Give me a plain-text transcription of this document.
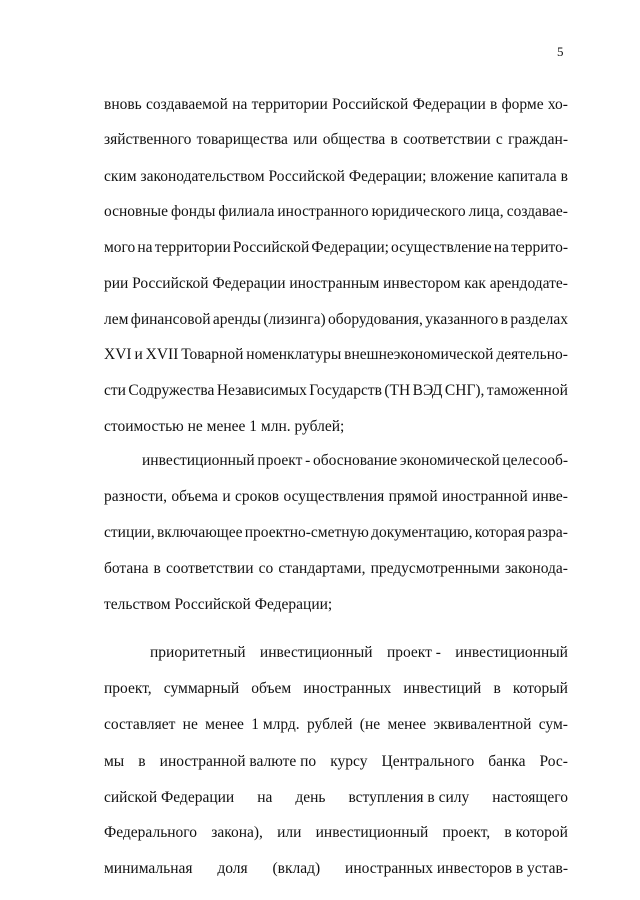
5
вновь создаваемой на территории Российской Федерации в форме хо-
зяйственного товарищества или общества в соответствии с граждан-
ским законодательством Российской Федерации; вложение капитала в
основные фонды филиала иностранного юридического лица, создавае-
мого на территории Российской Федерации; осуществление на террито-
рии Российской Федерации иностранным инвестором как арендодате-
лем финансовой аренды (лизинга) оборудования, указанного в разделах
XVI и XVII Товарной номенклатуры внешнеэкономической деятельно-
сти Содружества Независимых Государств (ТН ВЭД СНГ), таможенной
стоимостью не менее 1 млн. рублей;
инвестиционный проект - обоснование экономической целесооб-
разности, объема и сроков осуществления прямой иностранной инве-
стиции, включающее проектно-сметную документацию, которая разра-
ботана в соответствии со стандартами, предусмотренными законода-
тельством Российской Федерации;
приоритетный инвестиционный проект - инвестиционный
проект, суммарный объем иностранных инвестиций в который
составляет не менее 1 млрд. рублей (не менее эквивалентной сум-
мы в иностранной валюте по курсу Центрального банка Рос-
сийской Федерации на день вступления в силу настоящего
Федерального закона), или инвестиционный проект, в которой
минимальная доля (вклад) иностранных инвесторов в устав-
